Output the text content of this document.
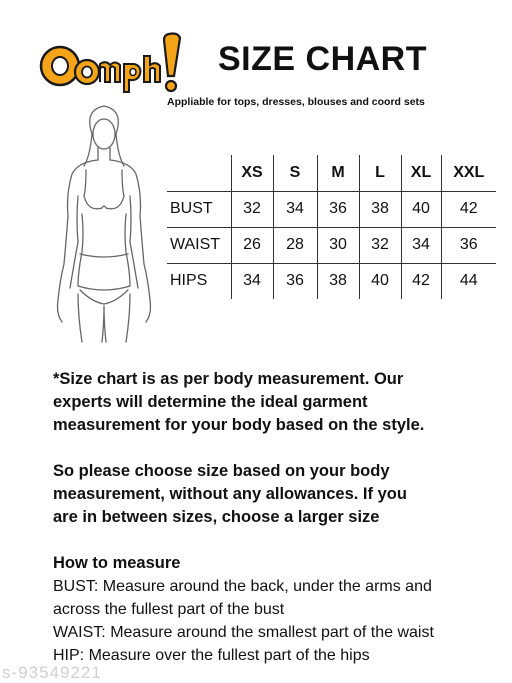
SIZE CHART
Appliable for tops, dresses, blouses and coord sets
	XS	S	M	L	XL	XXL
BUST	32	34	36	38	40	42
WAIST	26	28	30	32	34	36
HIPS	34	36	38	40	42	44

*Size chart is as per body measurement. Our
experts will determine the ideal garment
measurement for your body based on the style.

So please choose size based on your body
measurement, without any allowances. If you
are in between sizes, choose a larger size

How to measure
BUST: Measure around the back, under the arms and
across the fullest part of the bust
WAIST: Measure around the smallest part of the waist
HIP: Measure over the fullest part of the hips
s-93549221
